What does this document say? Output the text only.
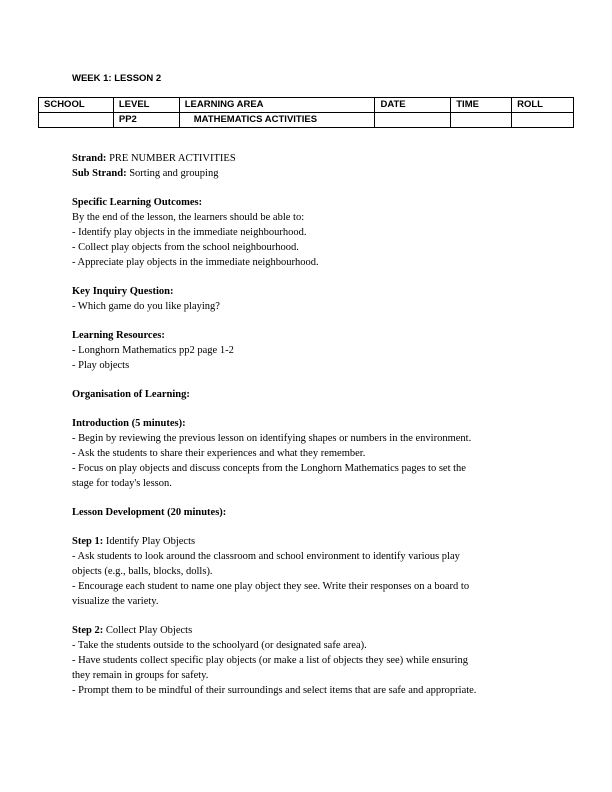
WEEK 1: LESSON 2
SCHOOL	LEVEL	LEARNING AREA	DATE	TIME	ROLL
	PP2	MATHEMATICS ACTIVITIES			

Strand: PRE NUMBER ACTIVITIES

Sub Strand: Sorting and grouping

Specific Learning Outcomes:

By the end of the lesson, the learners should be able to:

- Identify play objects in the immediate neighbourhood.

- Collect play objects from the school neighbourhood.

- Appreciate play objects in the immediate neighbourhood.

Key Inquiry Question:

- Which game do you like playing?

Learning Resources:

- Longhorn Mathematics pp2 page 1-2

- Play objects

Organisation of Learning:

Introduction (5 minutes):

- Begin by reviewing the previous lesson on identifying shapes or numbers in the environment.

- Ask the students to share their experiences and what they remember.

- Focus on play objects and discuss concepts from the Longhorn Mathematics pages to set the

stage for today's lesson.

Lesson Development (20 minutes):

Step 1: Identify Play Objects

- Ask students to look around the classroom and school environment to identify various play

objects (e.g., balls, blocks, dolls).

- Encourage each student to name one play object they see. Write their responses on a board to

visualize the variety.

Step 2: Collect Play Objects

- Take the students outside to the schoolyard (or designated safe area).

- Have students collect specific play objects (or make a list of objects they see) while ensuring

they remain in groups for safety.

- Prompt them to be mindful of their surroundings and select items that are safe and appropriate.
